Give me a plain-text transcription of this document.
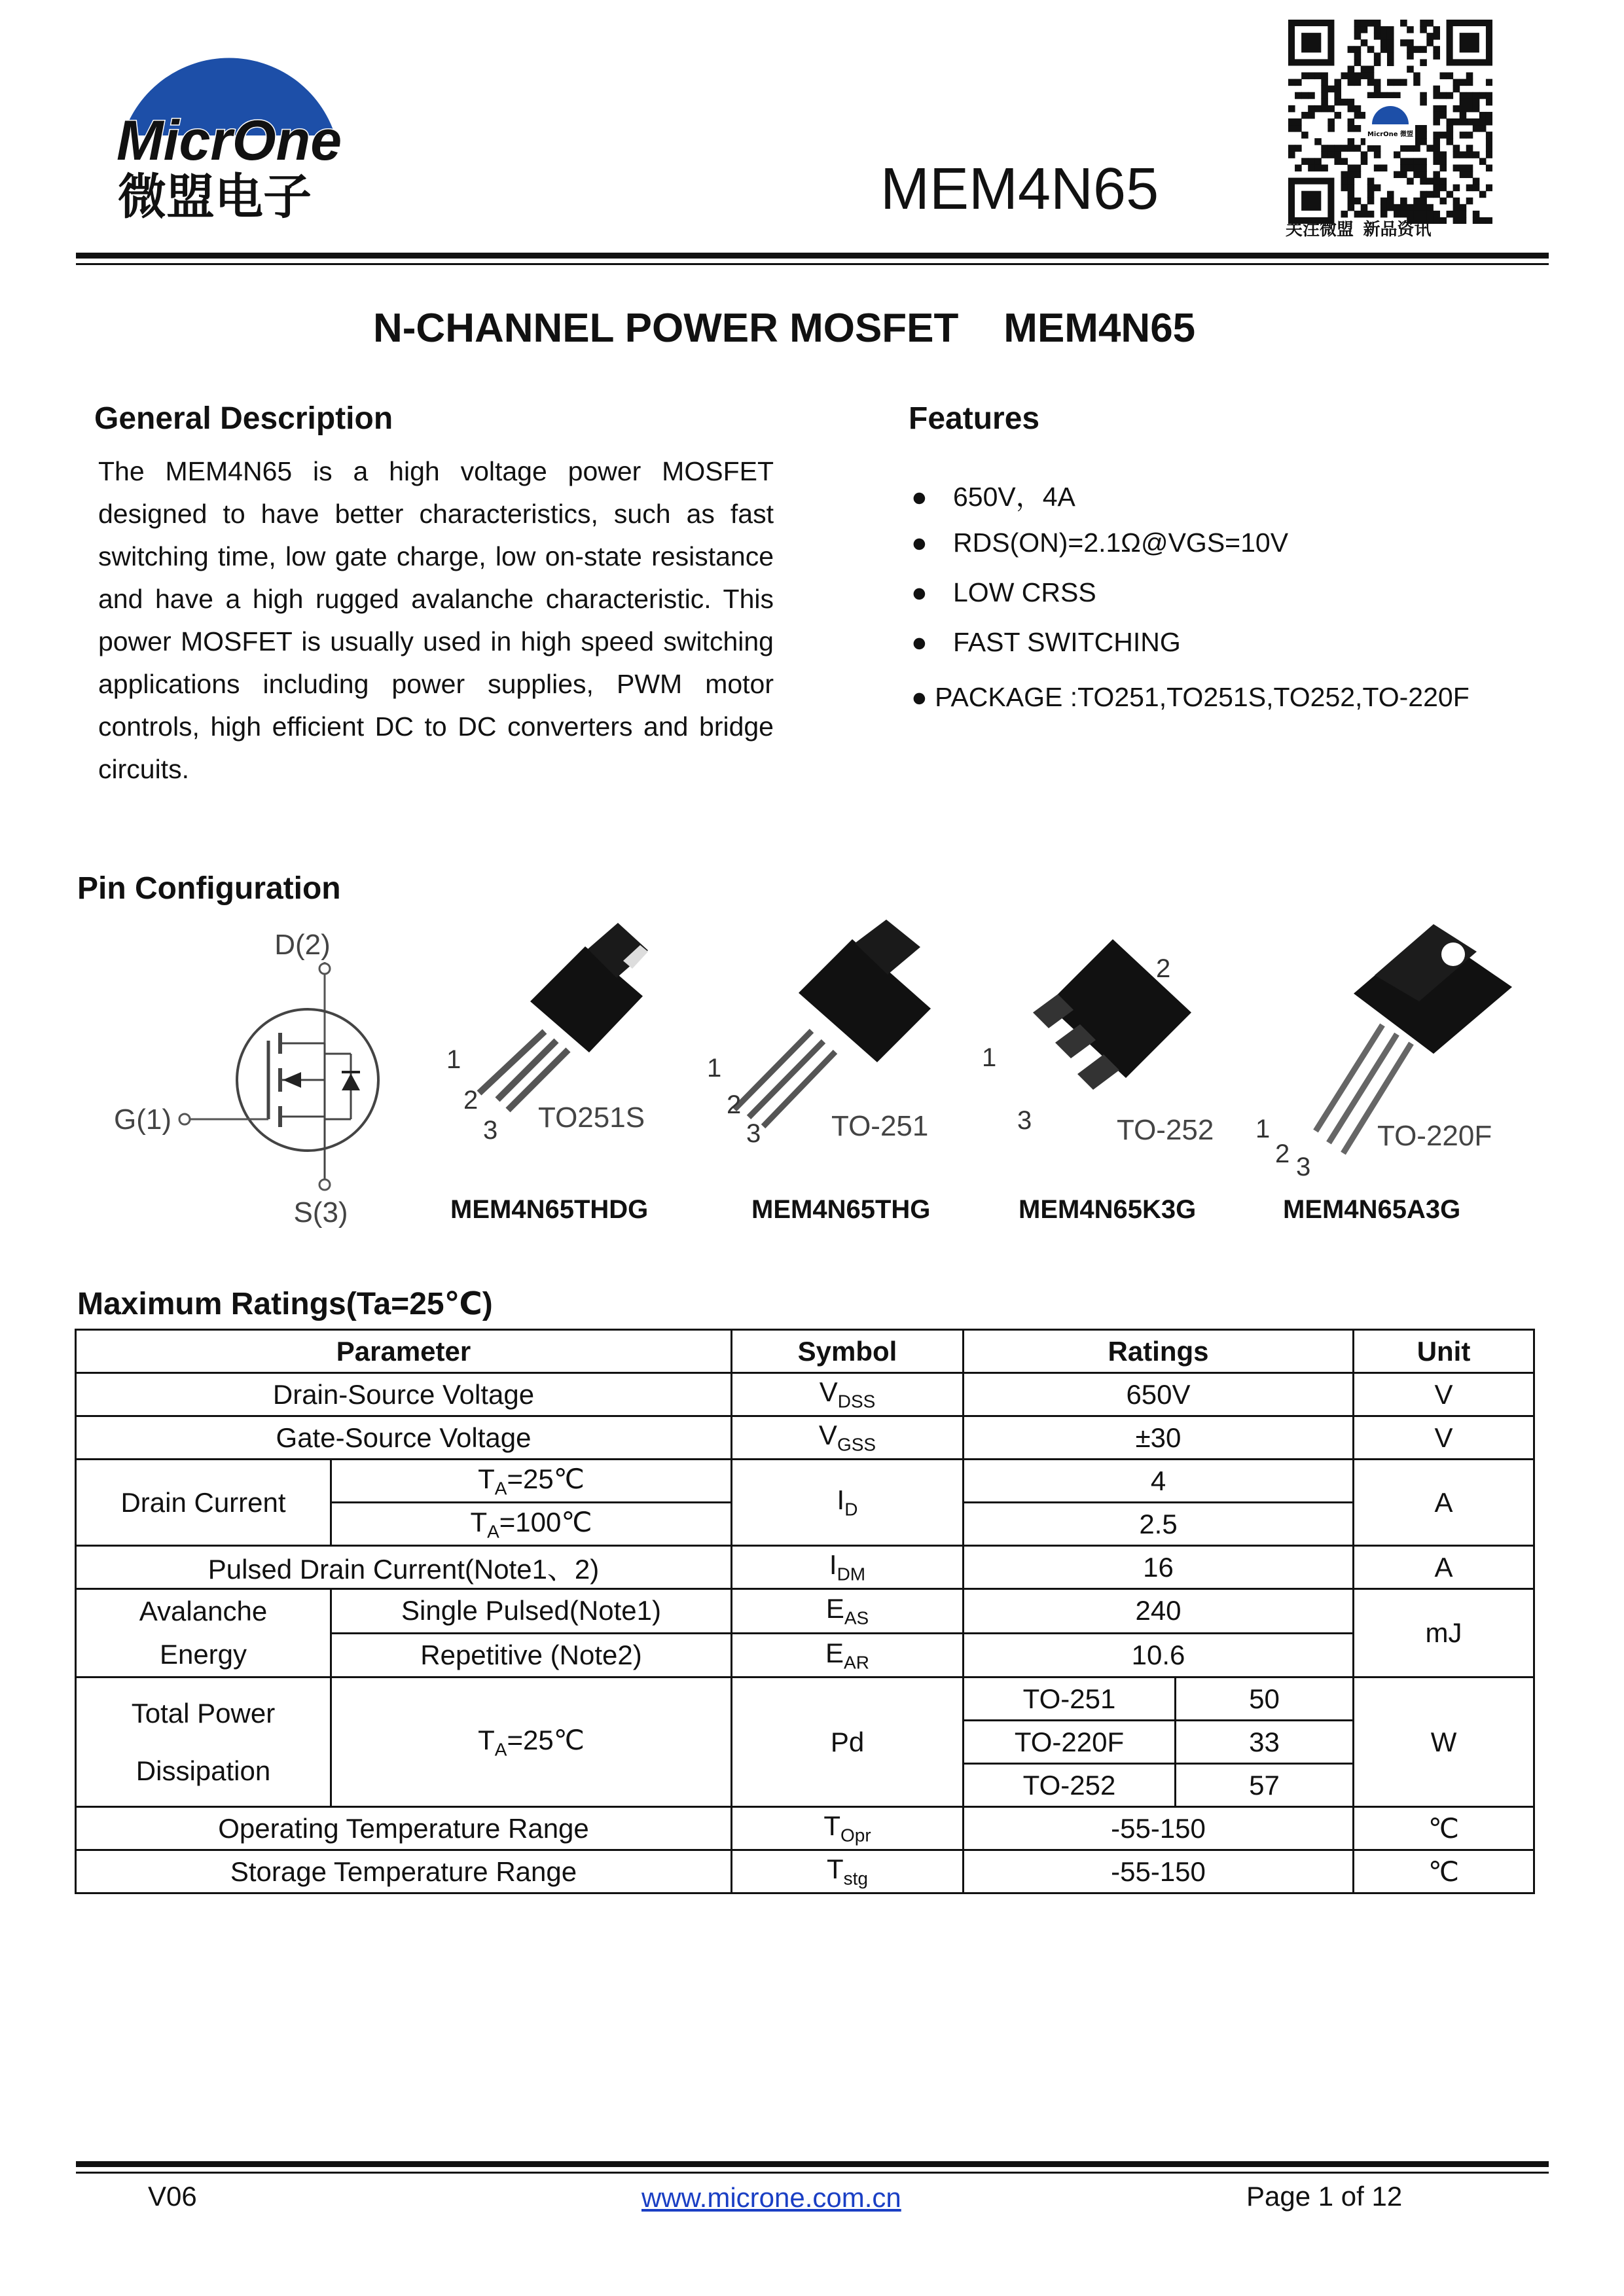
MicrOne
微盟电子	MEM4N65
MicrOne 微盟
关注微盟  新品资讯
N-CHANNEL POWER MOSFET    MEM4N65
General Description
The MEM4N65 is a high voltage power MOSFET designed to have better characteristics, such as fast switching time, low gate charge, low on-state resistance and have a high rugged avalanche characteristic. This power MOSFET is usually used in high speed switching applications including power supplies, PWM motor controls, high efficient DC to DC converters and bridge circuits.
Features
● 650V，4A
● RDS(ON)=2.1Ω@VGS=10V
● LOW CRSS
● FAST SWITCHING
● PACKAGE :TO251,TO251S,TO252,TO-220F
Pin Configuration
D(2)
G(1)
S(3)
1
2
3 TO251S
1
2
3 TO-251
1
2
3	TO-252 1
2 3
TO-220F
MEM4N65THDG	MEM4N65THG	MEM4N65K3G	MEM4N65A3G
Maximum Ratings(Ta=25℃)
Parameter		Symbol	Ratings		Unit
Drain-Source Voltage		$V_{DSS}$	650V		V
Gate-Source Voltage		$V_{GSS}$	±30		V
Drain Current	$T_A=25℃$	$I_D$	4		A
	$T_A=100℃$		2.5		
Pulsed Drain Current(Note1、2)		$I_{DM}$	16		A

Avalanche
Energy	Single Pulsed(Note1)	$E_{AS}$	240		mJ
	Repetitive (Note2)	$E_{AR}$	10.6		

Total Power
Dissipation	$T_A=25℃$	Pd	TO-251	50	W
			TO-220F	33	
			TO-252	57	
Operating Temperature Range		$T_{Opr}$	-55-150		℃
Storage Temperature Range		$T_{stg}$	-55-150		℃
V06	www.microne.com.cn	Page 1 of 12
